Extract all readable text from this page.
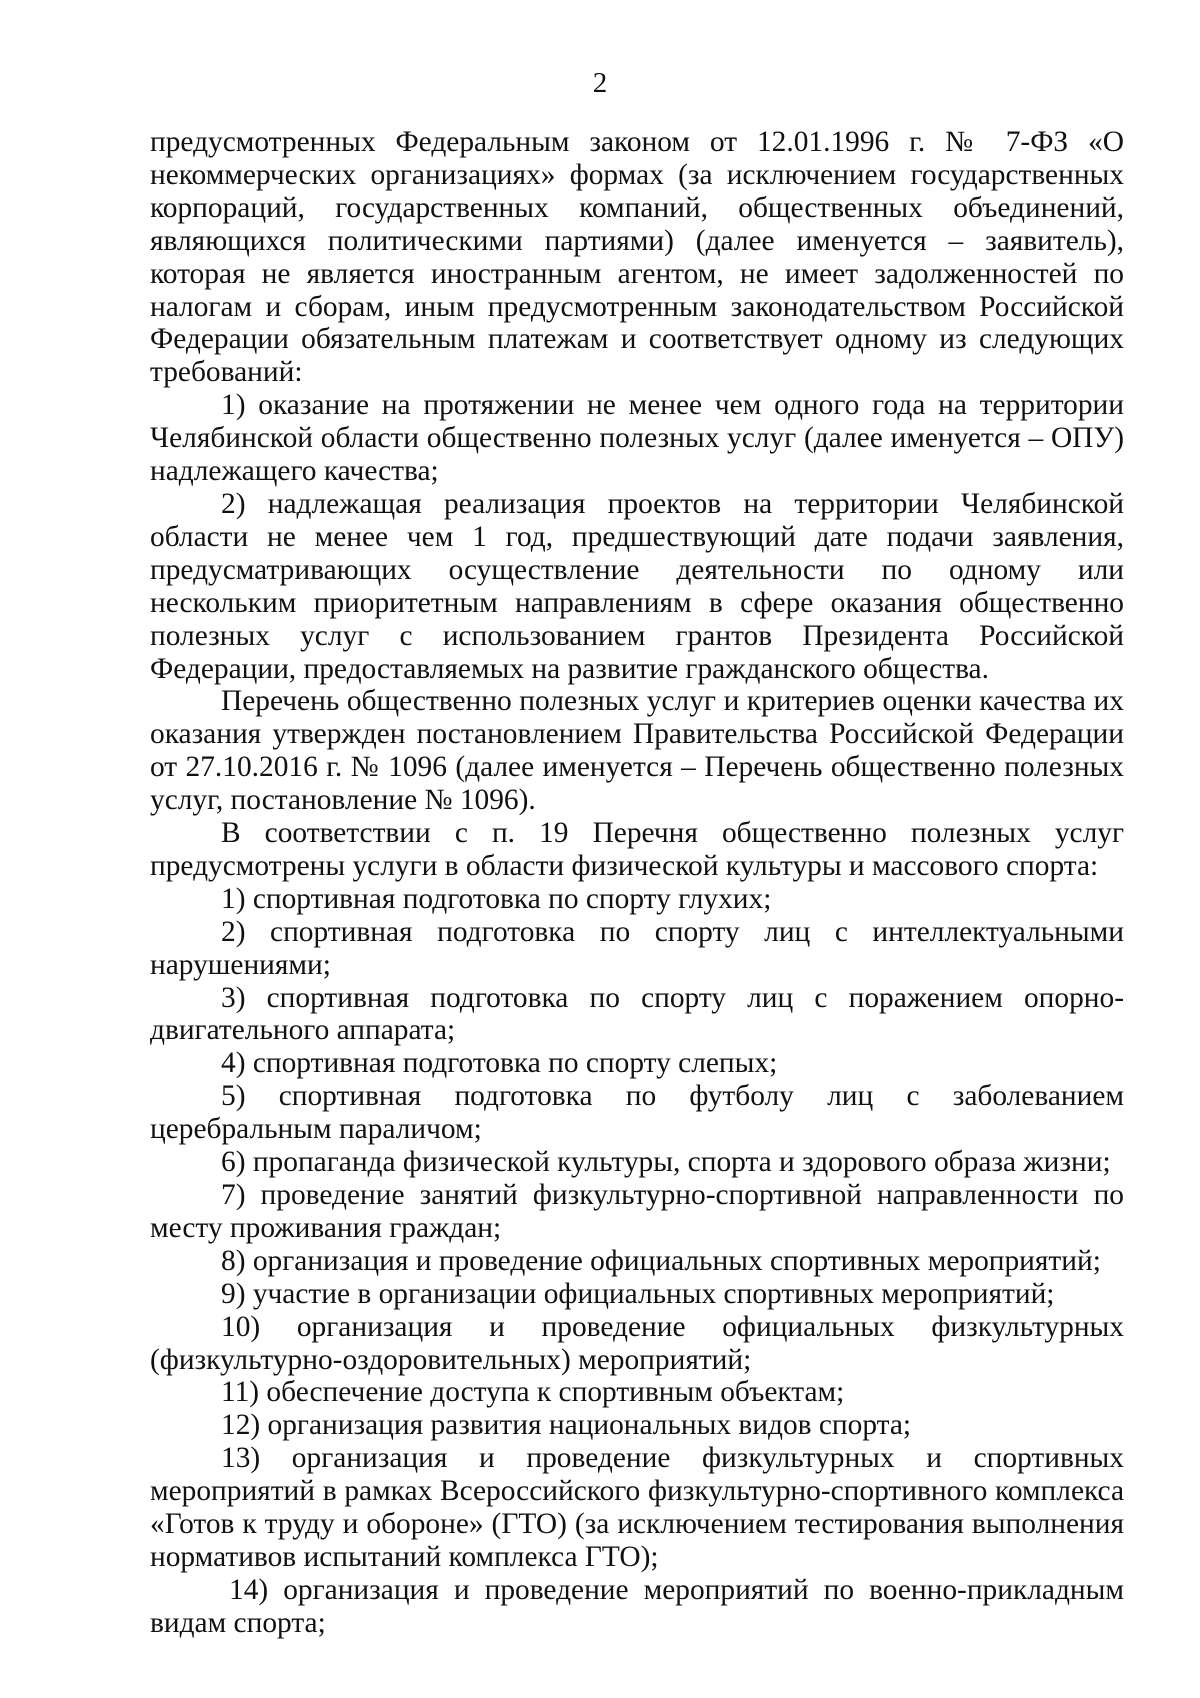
2

предусмотренных Федеральным законом от 12.01.1996 г. № 7-ФЗ «О некоммерческих организациях» формах (за исключением государственных корпораций, государственных компаний, общественных объединений, являющихся политическими партиями) (далее именуется – заявитель), которая не является иностранным агентом, не имеет задолженностей по налогам и сборам, иным предусмотренным законодательством Российской Федерации обязательным платежам и соответствует одному из следующих требований:

1) оказание на протяжении не менее чем одного года на территории Челябинской области общественно полезных услуг (далее именуется – ОПУ) надлежащего качества;

2) надлежащая реализация проектов на территории Челябинской области не менее чем 1 год, предшествующий дате подачи заявления, предусматривающих осуществление деятельности по одному или нескольким приоритетным направлениям в сфере оказания общественно полезных услуг с использованием грантов Президента Российской Федерации, предоставляемых на развитие гражданского общества.

Перечень общественно полезных услуг и критериев оценки качества их оказания утвержден постановлением Правительства Российской Федерации от 27.10.2016 г. № 1096 (далее именуется – Перечень общественно полезных услуг, постановление № 1096).

В соответствии с п. 19 Перечня общественно полезных услуг предусмотрены услуги в области физической культуры и массового спорта:

1) спортивная подготовка по спорту глухих;

2) спортивная подготовка по спорту лиц с интеллектуальными нарушениями;

3) спортивная подготовка по спорту лиц с поражением опорно-двигательного аппарата;

4) спортивная подготовка по спорту слепых;

5) спортивная подготовка по футболу лиц с заболеванием церебральным параличом;

6) пропаганда физической культуры, спорта и здорового образа жизни;

7) проведение занятий физкультурно-спортивной направленности по месту проживания граждан;

8) организация и проведение официальных спортивных мероприятий;

9) участие в организации официальных спортивных мероприятий;

10) организация и проведение официальных физкультурных (физкультурно-оздоровительных) мероприятий;

11) обеспечение доступа к спортивным объектам;

12) организация развития национальных видов спорта;

13) организация и проведение физкультурных и спортивных мероприятий в рамках Всероссийского физкультурно-спортивного комплекса «Готов к труду и обороне» (ГТО) (за исключением тестирования выполнения нормативов испытаний комплекса ГТО);

14) организация и проведение мероприятий по военно-прикладным видам спорта;
